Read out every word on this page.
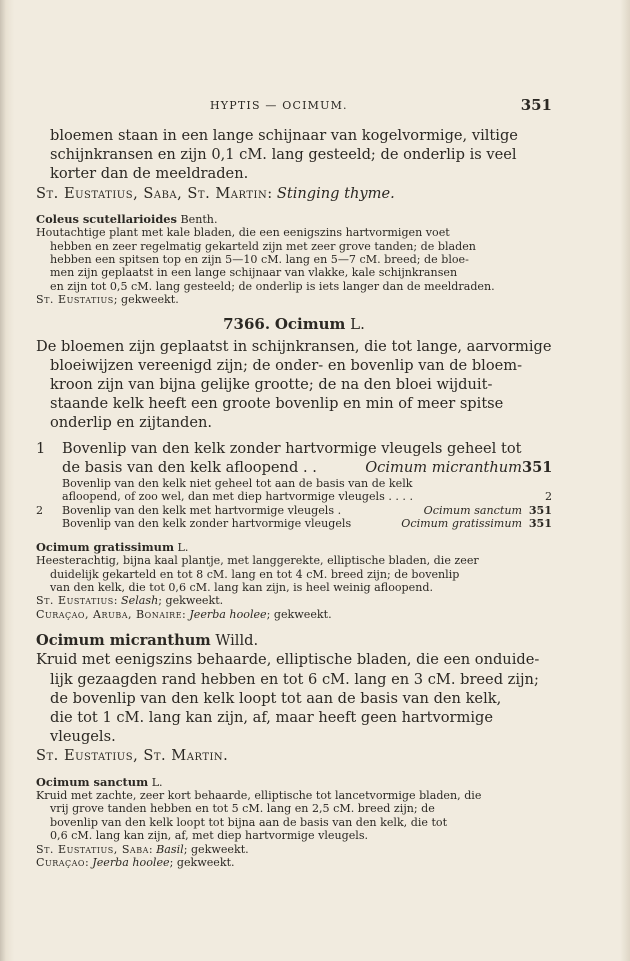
HYPTIS — OCIMUM.	351
bloemen staan in een lange schijnaar van kogelvormige, viltige
schijnkransen en zijn 0,1 cM. lang gesteeld; de onderlip is veel
korter dan de meeldraden.
St. Eustatius, Saba, St. Martin: Stinging thyme.
Coleus scutellarioides Benth.
Houtachtige plant met kale bladen, die een eenigszins hartvormigen voet
hebben en zeer regelmatig gekarteld zijn met zeer grove tanden; de bladen
hebben een spitsen top en zijn 5—10 cM. lang en 5—7 cM. breed; de bloe-
men zijn geplaatst in een lange schijnaar van vlakke, kale schijnkransen
en zijn tot 0,5 cM. lang gesteeld; de onderlip is iets langer dan de meeldraden.
St. Eustatius; gekweekt.
7366. Ocimum L.
De bloemen zijn geplaatst in schijnkransen, die tot lange, aarvormige
bloeiwijzen vereenigd zijn; de onder- en bovenlip van de bloem-
kroon zijn van bijna gelijke grootte; de na den bloei wijduit-
staande kelk heeft een groote bovenlip en min of meer spitse
onderlip en zijtanden.
1	Bovenlip van den kelk zonder hartvormige vleugels geheel tot
de basis van den kelk afloopend . .	Ocimum micranthum 351
Bovenlip van den kelk niet geheel tot aan de basis van de kelk
afloopend, of zoo wel, dan met diep hartvormige vleugels . . . .	2
2	Bovenlip van den kelk met hartvormige vleugels .	Ocimum sanctum 351
Bovenlip van den kelk zonder hartvormige vleugels	Ocimum gratissimum 351
Ocimum gratissimum L.
Heesterachtig, bijna kaal plantje, met langgerekte, elliptische bladen, die zeer
duidelijk gekarteld en tot 8 cM. lang en tot 4 cM. breed zijn; de bovenlip
van den kelk, die tot 0,6 cM. lang kan zijn, is heel weinig afloopend.
St. Eustatius: Selash; gekweekt.
Curaçao, Aruba, Bonaire: Jeerba hoolee; gekweekt.
Ocimum micranthum Willd.
Kruid met eenigszins behaarde, elliptische bladen, die een onduide-
lijk gezaagden rand hebben en tot 6 cM. lang en 3 cM. breed zijn;
de bovenlip van den kelk loopt tot aan de basis van den kelk,
die tot 1 cM. lang kan zijn, af, maar heeft geen hartvormige vleugels.
St. Eustatius, St. Martin.
Ocimum sanctum L.
Kruid met zachte, zeer kort behaarde, elliptische tot lancetvormige bladen, die
vrij grove tanden hebben en tot 5 cM. lang en 2,5 cM. breed zijn; de
bovenlip van den kelk loopt tot bijna aan de basis van den kelk, die tot
0,6 cM. lang kan zijn, af, met diep hartvormige vleugels.
St. Eustatius, Saba: Basil; gekweekt.
Curaçao: Jeerba hoolee; gekweekt.
